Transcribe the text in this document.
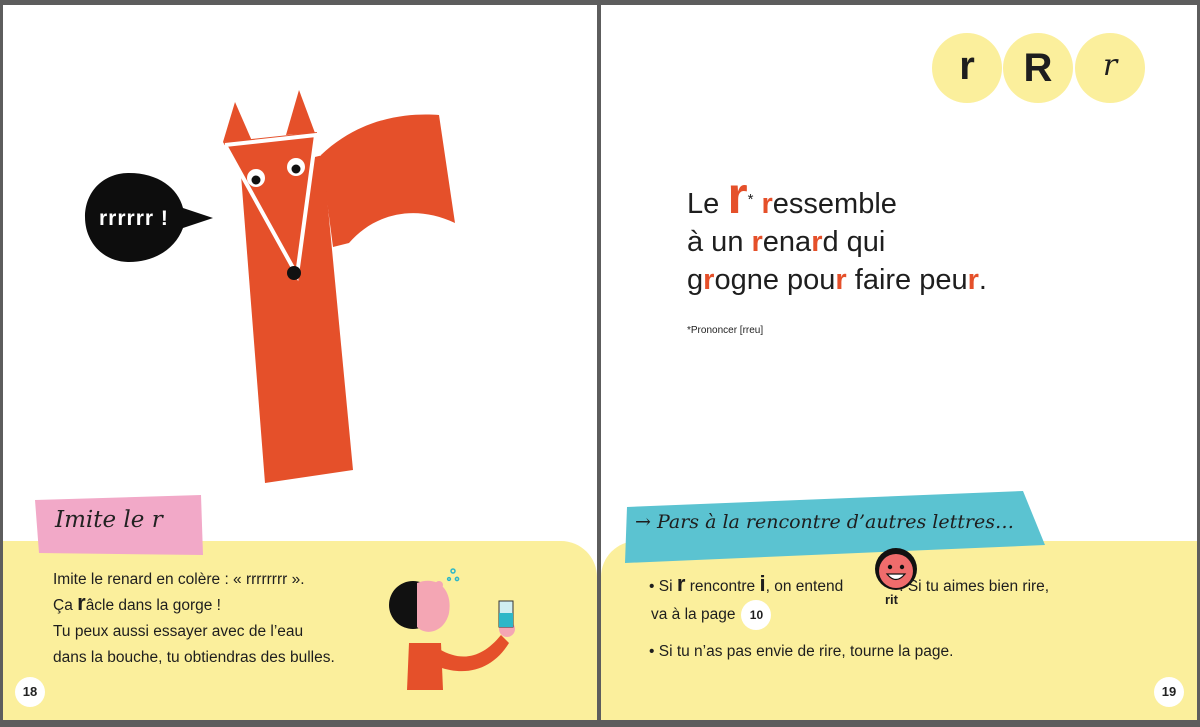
rrrrrr !
Imite le r
Imite le renard en colère : « rrrrrrrr ».
Ça râcle dans la gorge !
Tu peux aussi essayer avec de l’eau
dans la bouche, tu obtiendras des bulles.
18
r	R	r
Le r* ressemble
à un renard qui
grogne pour faire peur.
*Prononcer [rreu]
→ Pars à la rencontre d’autres lettres…
rit
• Si r rencontre i, on entend	. Si tu aimes bien rire,
va à la page 10
• Si tu n’as pas envie de rire, tourne la page.
19
